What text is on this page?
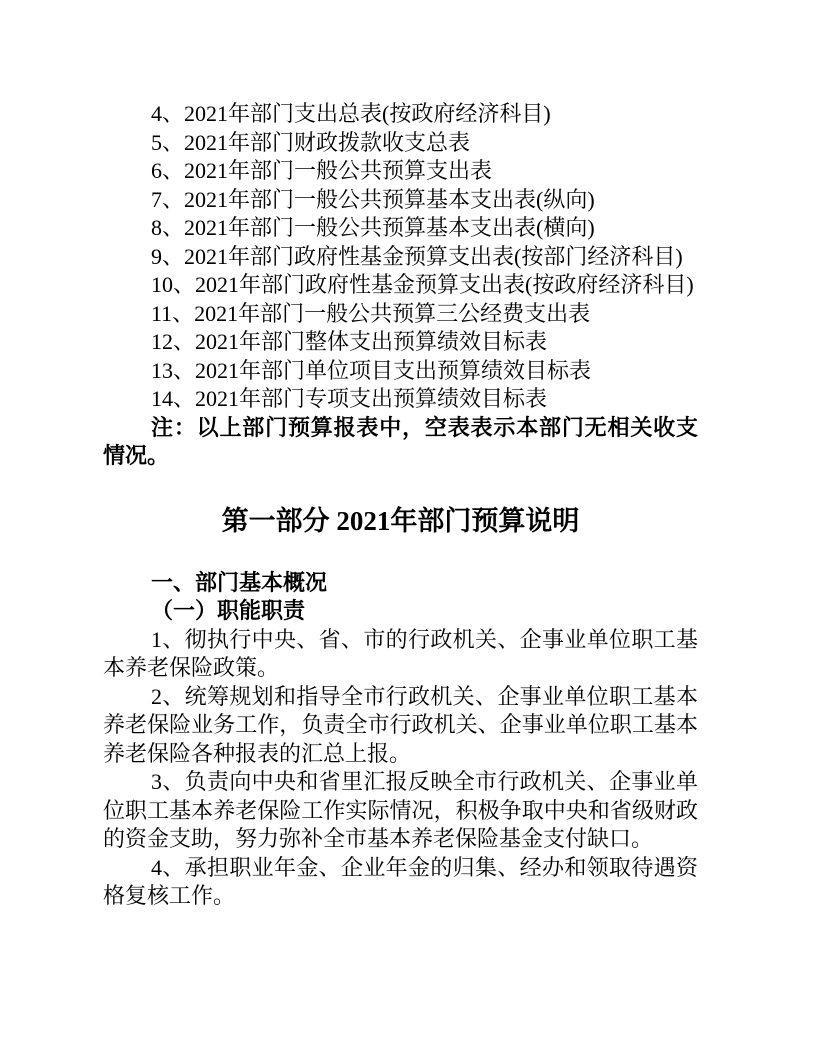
4、2021年部门支出总表(按政府经济科目)

5、2021年部门财政拨款收支总表

6、2021年部门一般公共预算支出表

7、2021年部门一般公共预算基本支出表(纵向)

8、2021年部门一般公共预算基本支出表(横向)

9、2021年部门政府性基金预算支出表(按部门经济科目)

10、2021年部门政府性基金预算支出表(按政府经济科目)

11、2021年部门一般公共预算三公经费支出表

12、2021年部门整体支出预算绩效目标表

13、2021年部门单位项目支出预算绩效目标表

14、2021年部门专项支出预算绩效目标表

注：以上部门预算报表中，空表表示本部门无相关收支情况。

第一部分 2021年部门预算说明

一、部门基本概况

（一）职能职责

1、彻执行中央、省、市的行政机关、企事业单位职工基本养老保险政策。

2、统筹规划和指导全市行政机关、企事业单位职工基本养老保险业务工作，负责全市行政机关、企事业单位职工基本养老保险各种报表的汇总上报。

3、负责向中央和省里汇报反映全市行政机关、企事业单位职工基本养老保险工作实际情况，积极争取中央和省级财政的资金支助，努力弥补全市基本养老保险基金支付缺口。

4、承担职业年金、企业年金的归集、经办和领取待遇资格复核工作。
